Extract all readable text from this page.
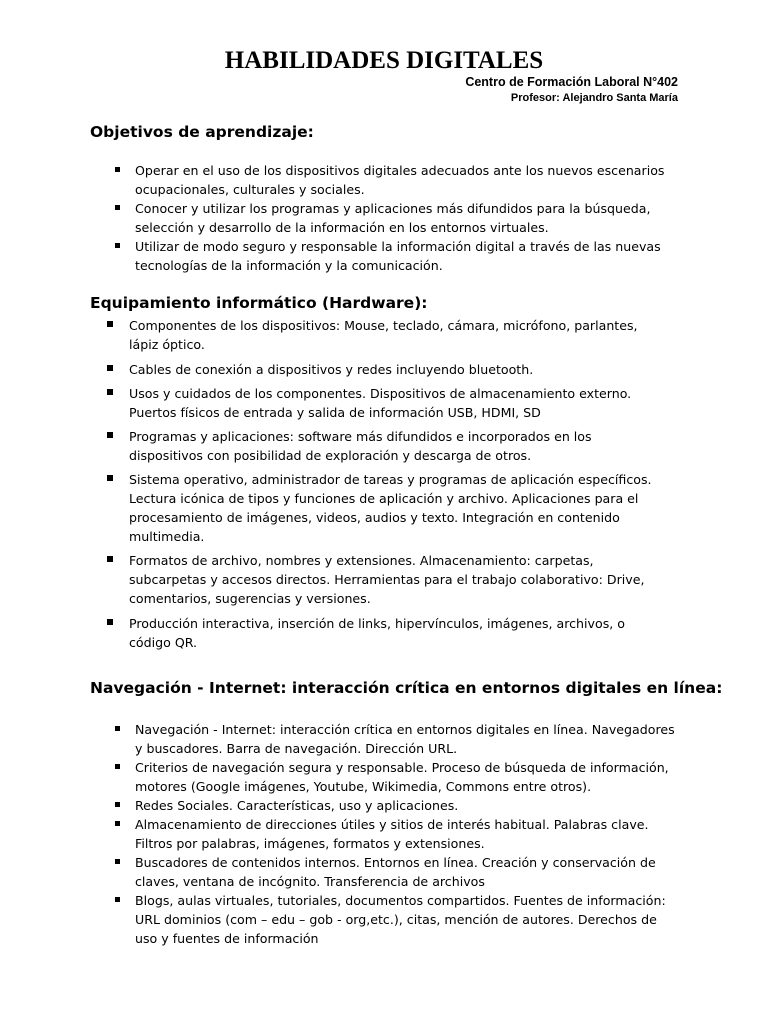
HABILIDADES DIGITALES

Centro de Formación Laboral N°402

Profesor: Alejandro Santa María

Objetivos de aprendizaje:
Operar en el uso de los dispositivos digitales adecuados ante los nuevos escenarios ocupacionales, culturales y sociales.
Conocer y utilizar los programas y aplicaciones más difundidos para la búsqueda, selección y desarrollo de la información en los entornos virtuales.
Utilizar de modo seguro y responsable la información digital a través de las nuevas tecnologías de la información y la comunicación.
Equipamiento informático (Hardware):
Componentes de los dispositivos: Mouse, teclado, cámara, micrófono, parlantes, lápiz óptico.
Cables de conexión a dispositivos y redes incluyendo bluetooth.
Usos y cuidados de los componentes. Dispositivos de almacenamiento externo. Puertos físicos de entrada y salida de información USB, HDMI, SD
Programas y aplicaciones: software más difundidos e incorporados en los dispositivos con posibilidad de exploración y descarga de otros.
Sistema operativo, administrador de tareas y programas de aplicación específicos. Lectura icónica de tipos y funciones de aplicación y archivo. Aplicaciones para el procesamiento de imágenes, videos, audios y texto. Integración en contenido multimedia.
Formatos de archivo, nombres y extensiones. Almacenamiento: carpetas, subcarpetas y accesos directos. Herramientas para el trabajo colaborativo: Drive, comentarios, sugerencias y versiones.
Producción interactiva, inserción de links, hipervínculos, imágenes, archivos, o código QR.
Navegación - Internet: interacción crítica en entornos digitales en línea:
Navegación - Internet: interacción crítica en entornos digitales en línea. Navegadores y buscadores. Barra de navegación. Dirección URL.
Criterios de navegación segura y responsable. Proceso de búsqueda de información, motores (Google imágenes, Youtube, Wikimedia, Commons entre otros).
Redes Sociales. Características, uso y aplicaciones.
Almacenamiento de direcciones útiles y sitios de interés habitual. Palabras clave. Filtros por palabras, imágenes, formatos y extensiones.
Buscadores de contenidos internos. Entornos en línea. Creación y conservación de claves, ventana de incógnito. Transferencia de archivos
Blogs, aulas virtuales, tutoriales, documentos compartidos. Fuentes de información: URL dominios (com – edu – gob - org,etc.), citas, mención de autores. Derechos de uso y fuentes de información
